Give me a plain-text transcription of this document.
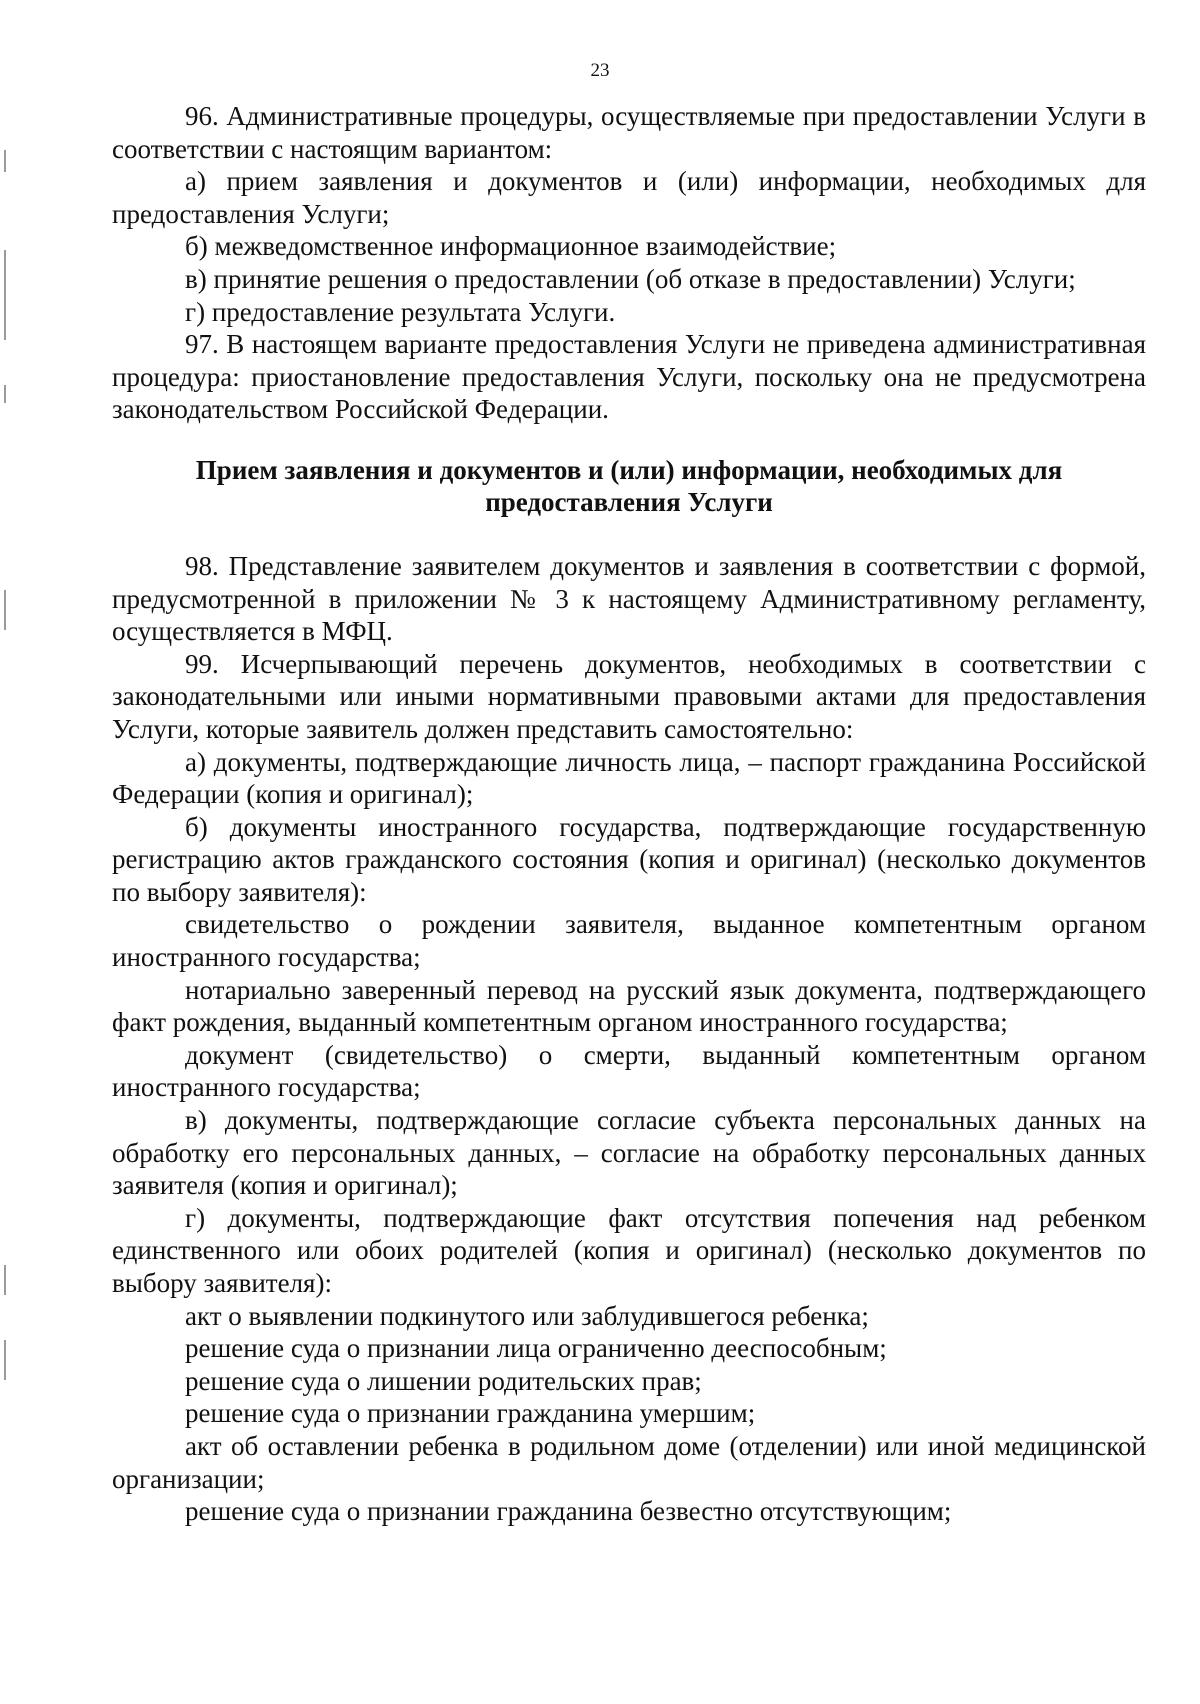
23

96. Административные процедуры, осуществляемые при предоставлении Услуги в соответствии с настоящим вариантом:

а) прием заявления и документов и (или) информации, необходимых для предоставления Услуги;

б) межведомственное информационное взаимодействие;

в) принятие решения о предоставлении (об отказе в предоставлении) Услуги;

г) предоставление результата Услуги.

97. В настоящем варианте предоставления Услуги не приведена административная процедура: приостановление предоставления Услуги, поскольку она не предусмотрена законодательством Российской Федерации.

Прием заявления и документов и (или) информации, необходимых для предоставления Услуги

98. Представление заявителем документов и заявления в соответствии с формой, предусмотренной в приложении № 3 к настоящему Административному регламенту, осуществляется в МФЦ.

99. Исчерпывающий перечень документов, необходимых в соответствии с законодательными или иными нормативными правовыми актами для предоставления Услуги, которые заявитель должен представить самостоятельно:

а) документы, подтверждающие личность лица, – паспорт гражданина Российской Федерации (копия и оригинал);

б) документы иностранного государства, подтверждающие государственную регистрацию актов гражданского состояния (копия и оригинал) (несколько документов по выбору заявителя):

свидетельство о рождении заявителя, выданное компетентным органом иностранного государства;

нотариально заверенный перевод на русский язык документа, подтверждающего факт рождения, выданный компетентным органом иностранного государства;

документ (свидетельство) о смерти, выданный компетентным органом иностранного государства;

в) документы, подтверждающие согласие субъекта персональных данных на обработку его персональных данных, – согласие на обработку персональных данных заявителя (копия и оригинал);

г) документы, подтверждающие факт отсутствия попечения над ребенком единственного или обоих родителей (копия и оригинал) (несколько документов по выбору заявителя):

акт о выявлении подкинутого или заблудившегося ребенка;

решение суда о признании лица ограниченно дееспособным;

решение суда о лишении родительских прав;

решение суда о признании гражданина умершим;

акт об оставлении ребенка в родильном доме (отделении) или иной медицинской организации;

решение суда о признании гражданина безвестно отсутствующим;
